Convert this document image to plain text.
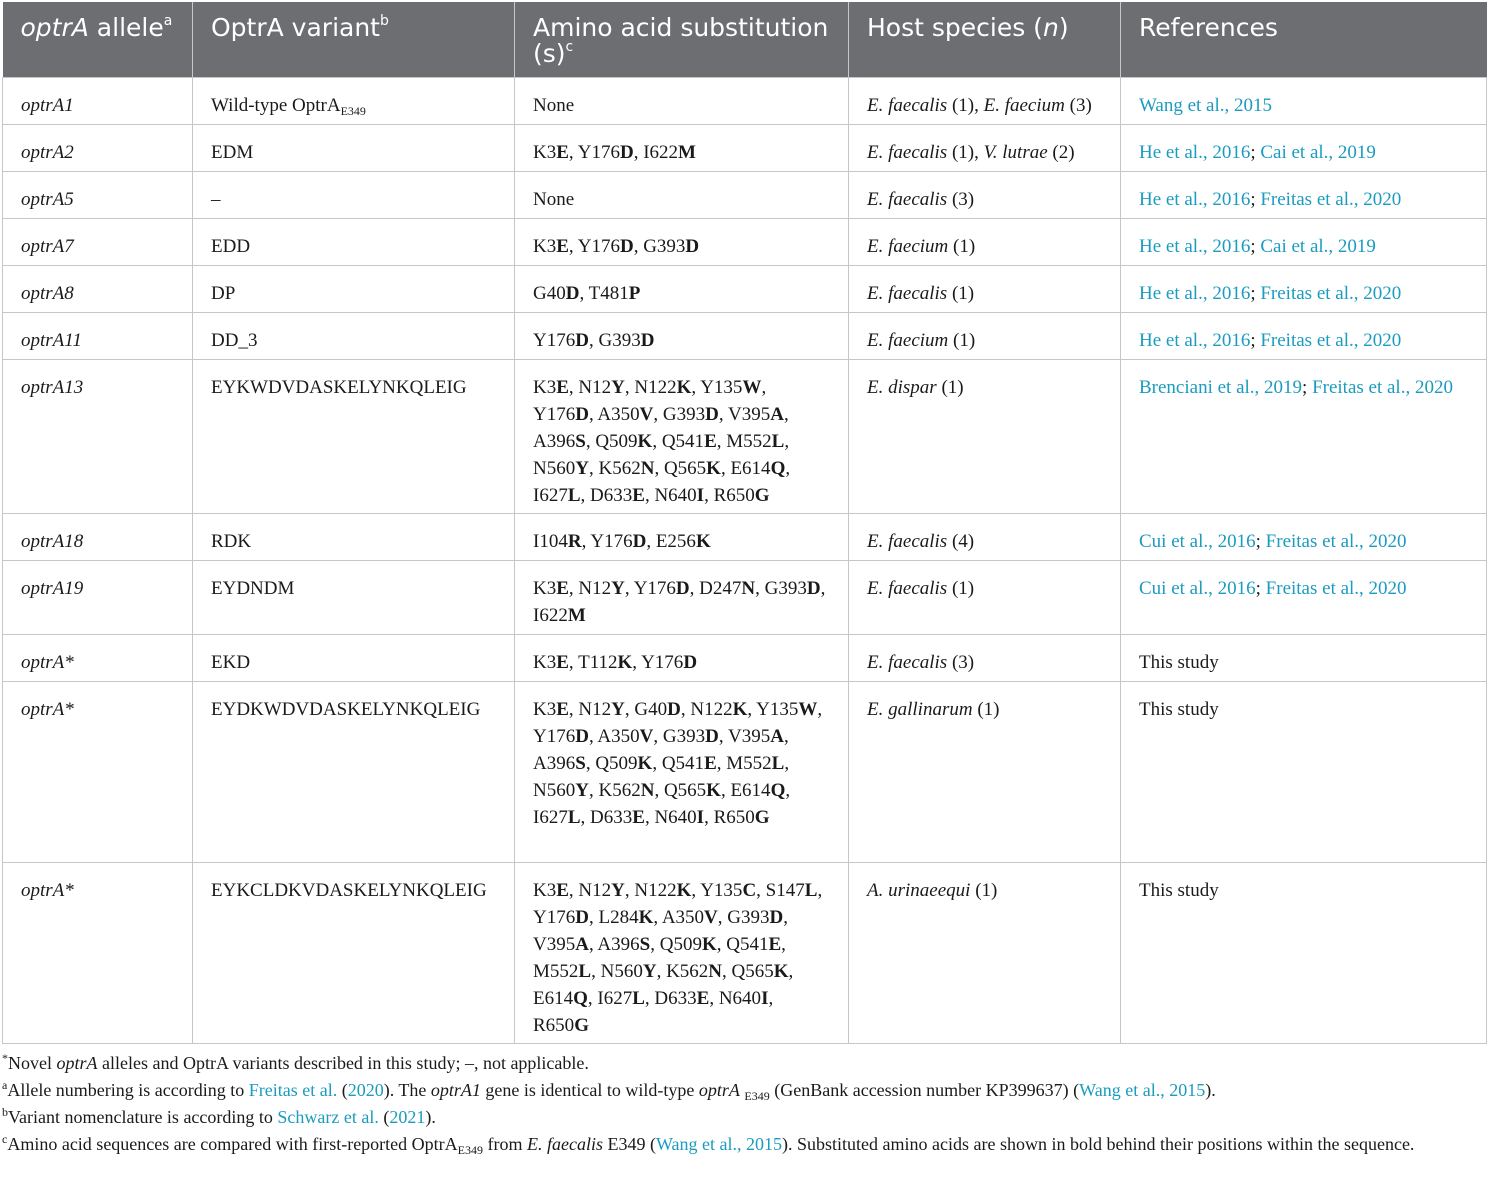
optrA allele$^a$	OptrA variant$^b$	Amino acid substitution $(s)^c$	Host species (n)	References
optrA1	Wild-type OptrA$_{E349}$	None	E. faecalis (1), E. faecium (3)	Wang et al., 2015
optrA2	EDM	K3E, Y176D, I622M	E. faecalis (1), V. lutrae (2)	He et al., 2016; Cai et al., 2019
optrA5	–	None	E. faecalis (3)	He et al., 2016; Freitas et al., 2020
optrA7	EDD	K3E, Y176D, G393D	E. faecium (1)	He et al., 2016; Cai et al., 2019
optrA8	DP	G40D, T481P	E. faecalis (1)	He et al., 2016; Freitas et al., 2020
optrA11	DD_3	Y176D, G393D	E. faecium (1)	He et al., 2016; Freitas et al., 2020
optrA13	EYKWDVDASKELYNKQLEIG	K3E, N12Y, N122K, Y135W, Y176D, A350V, G393D, V395A, A396S, Q509K, Q541E, M552L, N560Y, K562N, Q565K, E614Q, I627L, D633E, N640I, R650G	E. dispar (1)	Brenciani et al., 2019; Freitas et al., 2020
optrA18	RDK	I104R, Y176D, E256K	E. faecalis (4)	Cui et al., 2016; Freitas et al., 2020
optrA19	EYDNDM	K3E, N12Y, Y176D, D247N, G393D, I622M	E. faecalis (1)	Cui et al., 2016; Freitas et al., 2020
optrA*	EKD	K3E, T112K, Y176D	E. faecalis (3)	This study
optrA*	EYDKWDVDASKELYNKQLEIG	K3E, N12Y, G40D, N122K, Y135W, Y176D, A350V, G393D, V395A, A396S, Q509K, Q541E, M552L, N560Y, K562N, Q565K, E614Q, I627L, D633E, N640I, R650G	E. gallinarum (1)	This study
optrA*	EYKCLDKVDASKELYNKQLEIG	K3E, N12Y, N122K, Y135C, S147L, Y176D, L284K, A350V, G393D, V395A, A396S, Q509K, Q541E, M552L, N560Y, K562N, Q565K, E614Q, I627L, D633E, N640I, R650G	A. urinaeequi (1)	This study
*Novel optrA alleles and OptrA variants described in this study; –, not applicable.
$^a$Allele numbering is according to Freitas et al. (2020). The optrA1 gene is identical to wild-type optrA $_{E349}$ (GenBank accession number KP399637) (Wang et al., 2015).
$^b$Variant nomenclature is according to Schwarz et al. (2021).
$^c$Amino acid sequences are compared with first-reported OptrA$_{E349}$ from E. faecalis E349 (Wang et al., 2015). Substituted amino acids are shown in bold behind their positions within the sequence.
